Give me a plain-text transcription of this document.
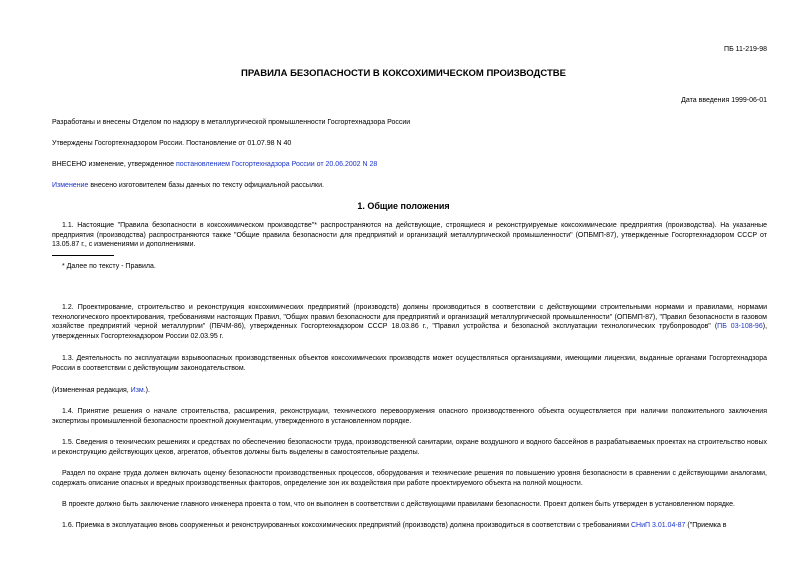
ПБ 11-219-98
ПРАВИЛА БЕЗОПАСНОСТИ В КОКСОХИМИЧЕСКОМ ПРОИЗВОДСТВЕ
Дата введения 1999-06-01
Разработаны и внесены Отделом по надзору в металлургической промышленности Госгортехнадзора России
Утверждены Госгортехнадзором России. Постановление от 01.07.98 N 40
ВНЕСЕНО изменение, утвержденное постановлением Госгортехнадзора России от 20.06.2002 N 28
Изменение внесено изготовителем базы данных по тексту официальной рассылки.
1. Общие положения
1.1. Настоящие "Правила безопасности в коксохимическом производстве"* распространяются на действующие, строящиеся и реконструируемые коксохимические предприятия (производства). На указанные предприятия (производства) распространяются также "Общие правила безопасности для предприятий и организаций металлургической промышленности" (ОПБМП-87), утвержденные Госгортехнадзором СССР от 13.05.87 г., с изменениями и дополнениями.
* Далее по тексту - Правила.
1.2. Проектирование, строительство и реконструкция коксохимических предприятий (производств) должны производиться в соответствии с действующими строительными нормами и правилами, нормами технологического проектирования, требованиями настоящих Правил, "Общих правил безопасности для предприятий и организаций металлургической промышленности" (ОПБМП-87), "Правил безопасности в газовом хозяйстве предприятий черной металлургии" (ПБЧМ-86), утвержденных Госгортехнадзором СССР 18.03.86 г., "Правил устройства и безопасной эксплуатации технологических трубопроводов" (ПБ 03-108-96), утвержденных Госгортехнадзором России 02.03.95 г.
1.3. Деятельность по эксплуатации взрывоопасных производственных объектов коксохимических производств может осуществляться организациями, имеющими лицензии, выданные органами Госгортехнадзора России в соответствии с действующим законодательством.
(Измененная редакция, Изм.).
1.4. Принятие решения о начале строительства, расширения, реконструкции, технического перевооружения опасного производственного объекта осуществляется при наличии положительного заключения экспертизы промышленной безопасности проектной документации, утвержденного в установленном порядке.
1.5. Сведения о технических решениях и средствах по обеспечению безопасности труда, производственной санитарии, охране воздушного и водного бассейнов в разрабатываемых проектах на строительство новых и реконструкцию действующих цехов, агрегатов, объектов должны быть выделены в самостоятельные разделы.
Раздел по охране труда должен включать оценку безопасности производственных процессов, оборудования и технические решения по повышению уровня безопасности в сравнении с действующими аналогами, содержать описание опасных и вредных производственных факторов, определение зон их воздействия при работе проектируемого объекта на полной мощности.
В проекте должно быть заключение главного инженера проекта о том, что он выполнен в соответствии с действующими правилами безопасности. Проект должен быть утвержден в установленном порядке.
1.6. Приемка в эксплуатацию вновь сооруженных и реконструированных коксохимических предприятий (производств) должна производиться в соответствии с требованиями СНиП 3.01.04-87 ("Приемка в
